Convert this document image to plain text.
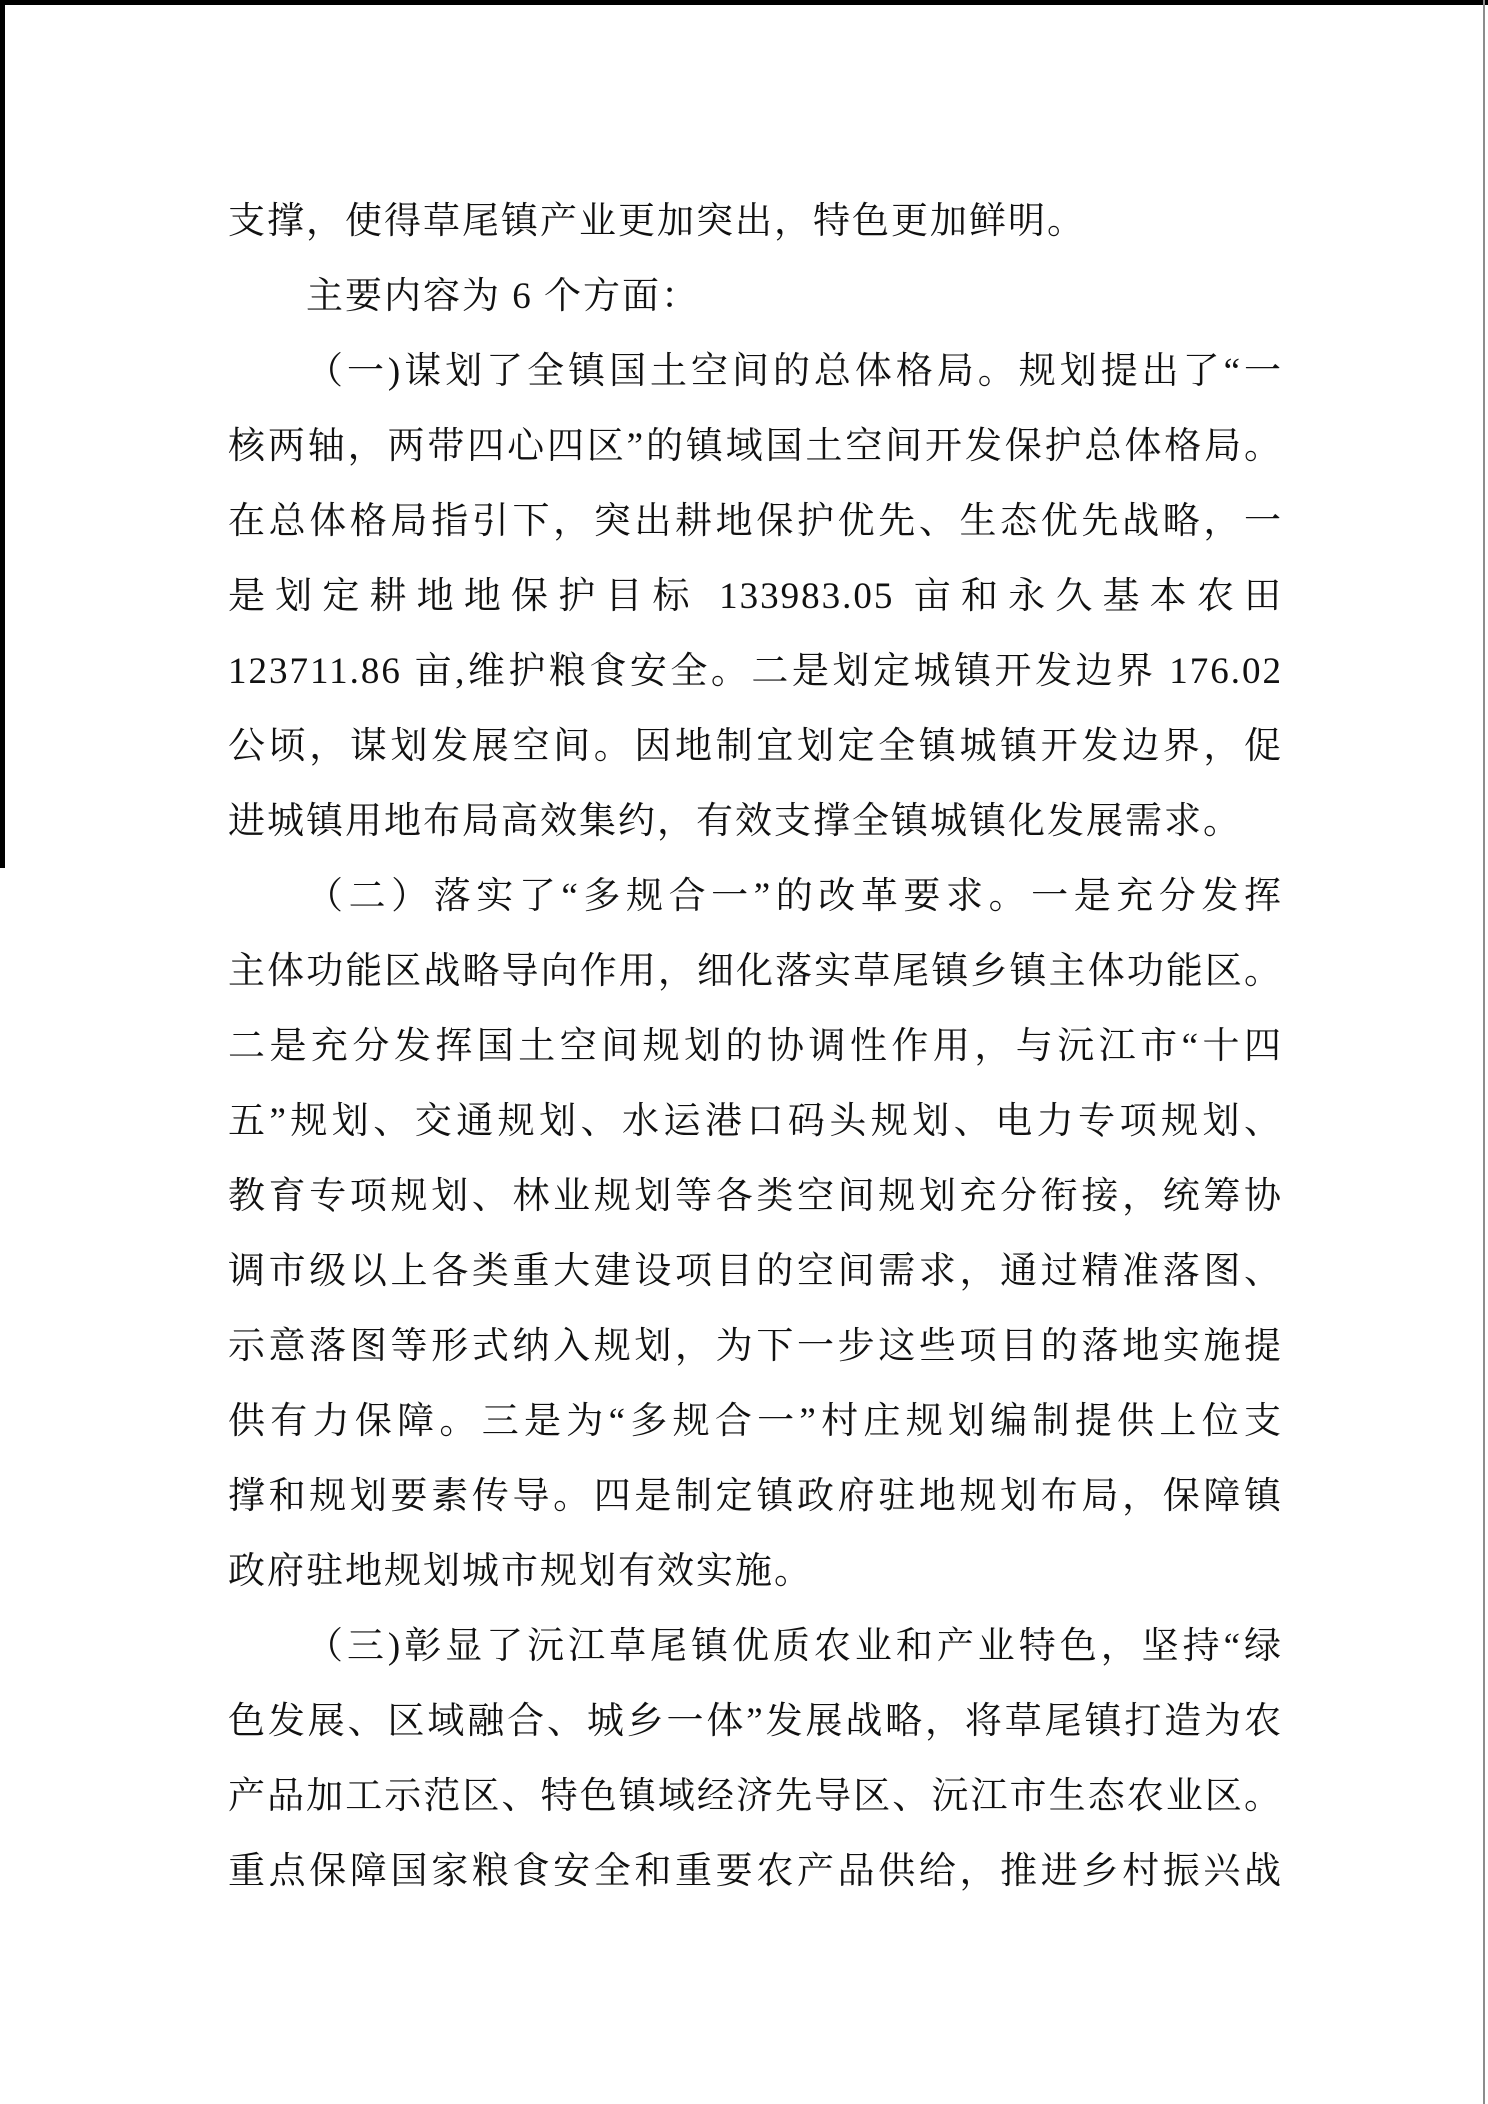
支撑，使得草尾镇产业更加突出，特色更加鲜明。
主要内容为 6 个方面：
（一)谋划了全镇国土空间的总体格局。规划提出了“一
核两轴，两带四心四区”的镇域国土空间开发保护总体格局。
在总体格局指引下，突出耕地保护优先、生态优先战略，一
是划定耕地地保护目标 133983.05 亩和永久基本农田
123711.86 亩,维护粮食安全。二是划定城镇开发边界 176.02
公顷，谋划发展空间。因地制宜划定全镇城镇开发边界，促
进城镇用地布局高效集约，有效支撑全镇城镇化发展需求。
（二）落实了“多规合一”的改革要求。一是充分发挥
主体功能区战略导向作用，细化落实草尾镇乡镇主体功能区。
二是充分发挥国土空间规划的协调性作用，与沅江市“十四
五”规划、交通规划、水运港口码头规划、电力专项规划、
教育专项规划、林业规划等各类空间规划充分衔接，统筹协
调市级以上各类重大建设项目的空间需求，通过精准落图、
示意落图等形式纳入规划，为下一步这些项目的落地实施提
供有力保障。三是为“多规合一”村庄规划编制提供上位支
撑和规划要素传导。四是制定镇政府驻地规划布局，保障镇
政府驻地规划城市规划有效实施。
（三)彰显了沅江草尾镇优质农业和产业特色，坚持“绿
色发展、区域融合、城乡一体”发展战略，将草尾镇打造为农
产品加工示范区、特色镇域经济先导区、沅江市生态农业区。
重点保障国家粮食安全和重要农产品供给，推进乡村振兴战
